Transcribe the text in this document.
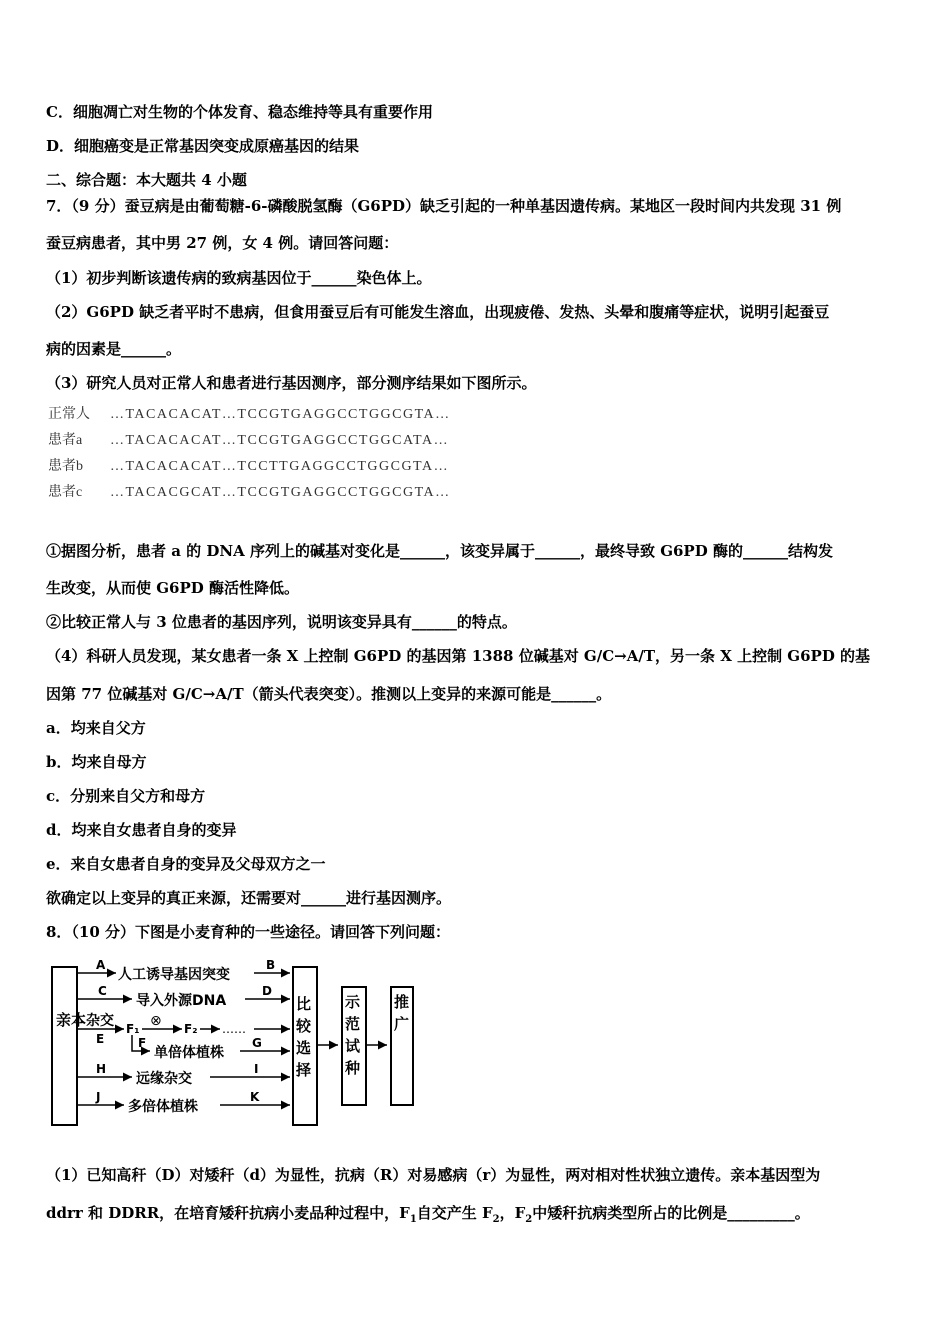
C．细胞凋亡对生物的个体发育、稳态维持等具有重要作用
D．细胞癌变是正常基因突变成原癌基因的结果
二、综合题：本大题共 4 小题
7．（9 分）蚕豆病是由葡萄糖-6-磷酸脱氢酶（G6PD）缺乏引起的一种单基因遗传病。某地区一段时间内共发现 31 例
蚕豆病患者，其中男 27 例，女 4 例。请回答问题：
（1）初步判断该遗传病的致病基因位于______染色体上。
（2）G6PD 缺乏者平时不患病，但食用蚕豆后有可能发生溶血，出现疲倦、发热、头晕和腹痛等症状，说明引起蚕豆
病的因素是______。
（3）研究人员对正常人和患者进行基因测序，部分测序结果如下图所示。
正常人 …TACACACAT…TCCGTGAGGCCTGGCGTA…
患者a …TACACACAT…TCCGTGAGGCCTGGCATA…
患者b …TACACACAT…TCCTTGAGGCCTGGCGTA…
患者c …TACACGCAT…TCCGTGAGGCCTGGCGTA…
①据图分析，患者 a 的 DNA 序列上的碱基对变化是______，该变异属于______，最终导致 G6PD 酶的______结构发
生改变，从而使 G6PD 酶活性降低。
②比较正常人与 3 位患者的基因序列，说明该变异具有______的特点。
（4）科研人员发现，某女患者一条 X 上控制 G6PD 的基因第 1388 位碱基对 G/C→A/T，另一条 X 上控制 G6PD 的基
因第 77 位碱基对 G/C→A/T（箭头代表突变）。推测以上变异的来源可能是______。
a．均来自父方
b．均来自母方
c．分别来自父方和母方
d．均来自女患者自身的变异
e．来自女患者自身的变异及父母双方之一
欲确定以上变异的真正来源，还需要对______进行基因测序。
8．（10 分）下图是小麦育种的一些途径。请回答下列问题：
亲本
A
人工诱导基因突变
B
C
导入外源DNA
D
杂交
E
F₁ ⊗ F₂ ……
F
单倍体植株
G
H
远缘杂交
I
J
多倍体植株
K
比较选择
示范试种
推广
（1）已知高秆（D）对矮秆（d）为显性，抗病（R）对易感病（r）为显性，两对相对性状独立遗传。亲本基因型为
ddrr 和 DDRR，在培育矮秆抗病小麦品种过程中，$F_1$自交产生 $F_2$，$F_2$中矮秆抗病类型所占的比例是_________。
